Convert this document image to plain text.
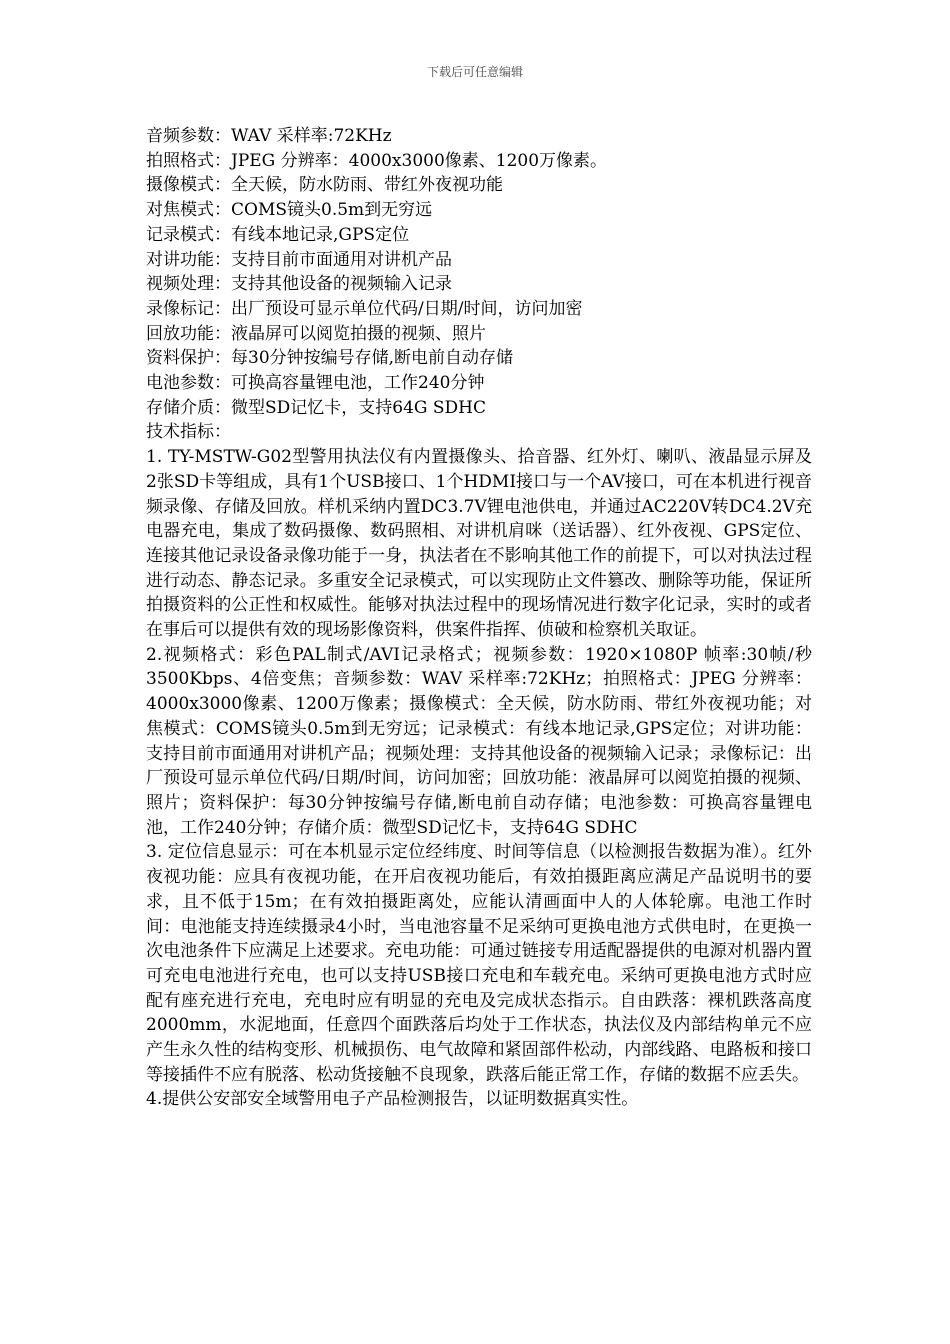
下载后可任意编辑

音频参数：WAV 采样率:72KHz

拍照格式：JPEG 分辨率：4000x3000像素、1200万像素。

摄像模式：全天候，防水防雨、带红外夜视功能

对焦模式：COMS镜头0.5m到无穷远

记录模式：有线本地记录,GPS定位

对讲功能：支持目前市面通用对讲机产品

视频处理：支持其他设备的视频输入记录

录像标记：出厂预设可显示单位代码/日期/时间，访问加密

回放功能：液晶屏可以阅览拍摄的视频、照片

资料保护：每30分钟按编号存储,断电前自动存储

电池参数：可换高容量锂电池，工作240分钟

存储介质：微型SD记忆卡，支持64G SDHC

技术指标：

1. TY-MSTW-G02型警用执法仪有内置摄像头、拾音器、红外灯、喇叭、液晶显示屏及2张SD卡等组成，具有1个USB接口、1个HDMI接口与一个AV接口，可在本机进行视音频录像、存储及回放。样机采纳内置DC3.7V锂电池供电，并通过AC220V转DC4.2V充电器充电，集成了数码摄像、数码照相、对讲机肩咪（送话器）、红外夜视、GPS定位、连接其他记录设备录像功能于一身，执法者在不影响其他工作的前提下，可以对执法过程进行动态、静态记录。多重安全记录模式，可以实现防止文件篡改、删除等功能，保证所拍摄资料的公正性和权威性。能够对执法过程中的现场情况进行数字化记录，实时的或者在事后可以提供有效的现场影像资料，供案件指挥、侦破和检察机关取证。

2.视频格式：彩色PAL制式/AVI记录格式；视频参数：1920×1080P 帧率:30帧/秒 3500Kbps、4倍变焦；音频参数：WAV 采样率:72KHz；拍照格式：JPEG 分辨率：4000x3000像素、1200万像素；摄像模式：全天候，防水防雨、带红外夜视功能；对焦模式：COMS镜头0.5m到无穷远；记录模式：有线本地记录,GPS定位；对讲功能：支持目前市面通用对讲机产品；视频处理：支持其他设备的视频输入记录；录像标记：出厂预设可显示单位代码/日期/时间，访问加密；回放功能：液晶屏可以阅览拍摄的视频、照片；资料保护：每30分钟按编号存储,断电前自动存储；电池参数：可换高容量锂电池，工作240分钟；存储介质：微型SD记忆卡，支持64G SDHC

3. 定位信息显示：可在本机显示定位经纬度、时间等信息（以检测报告数据为准）。红外夜视功能：应具有夜视功能，在开启夜视功能后，有效拍摄距离应满足产品说明书的要求，且不低于15m；在有效拍摄距离处，应能认清画面中人的人体轮廓。电池工作时间：电池能支持连续摄录4小时，当电池容量不足采纳可更换电池方式供电时，在更换一次电池条件下应满足上述要求。充电功能：可通过链接专用适配器提供的电源对机器内置可充电电池进行充电，也可以支持USB接口充电和车载充电。采纳可更换电池方式时应配有座充进行充电，充电时应有明显的充电及完成状态指示。自由跌落：裸机跌落高度2000mm，水泥地面，任意四个面跌落后均处于工作状态，执法仪及内部结构单元不应产生永久性的结构变形、机械损伤、电气故障和紧固部件松动，内部线路、电路板和接口等接插件不应有脱落、松动货接触不良现象，跌落后能正常工作，存储的数据不应丢失。

4.提供公安部安全域警用电子产品检测报告，以证明数据真实性。
